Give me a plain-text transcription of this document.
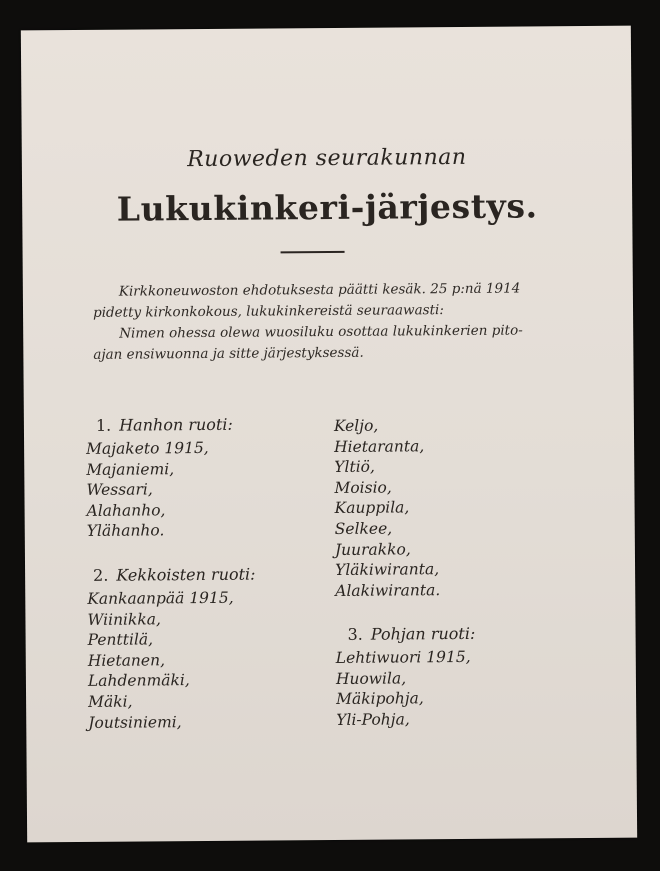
Ruoweden seurakunnan
Lukukinkeri-järjestys.

Kirkkoneuwoston ehdotuksesta päätti kesäk. 25 p:nä 1914 pidetty kirkonkokous, lukukinkereistä seuraawasti:

Nimen ohessa olewa wuosiluku osottaa lukukinkerien pito-ajan ensiwuonna ja sitte järjestyksessä.

1. Hanhon ruoti:
Majaketo 1915,
Majaniemi,
Wessari,
Alahanho,
Ylähanho.
Keljo,
Hietaranta,
Yltiö,
Moisio,
Kauppila,
Selkee,
Juurakko,
Yläkiwiranta,
Alakiwiranta.
2. Kekkoisten ruoti:
Kankaanpää 1915,
Wiinikka,
Penttilä,
Hietanen,
Lahdenmäki,
Mäki,
Joutsiniemi,
3. Pohjan ruoti:
Lehtiwuori 1915,
Huowila,
Mäkipohja,
Yli-Pohja,
